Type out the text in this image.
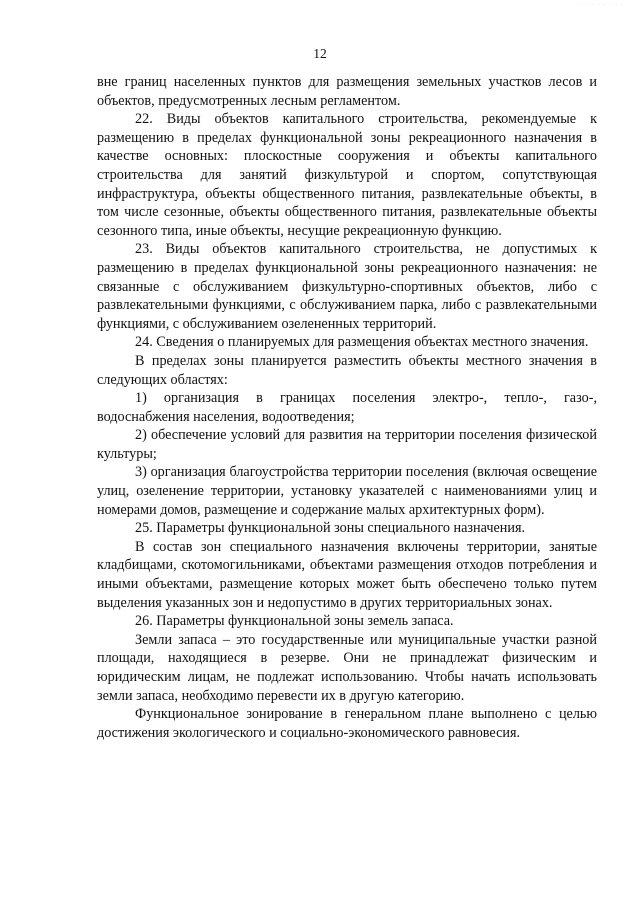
· · · · · · · ·
12

вне границ населенных пунктов для размещения земельных участков лесов и объектов, предусмотренных лесным регламентом.

22. Виды объектов капитального строительства, рекомендуемые к размещению в пределах функциональной зоны рекреационного назначения в качестве основных: плоскостные сооружения и объекты капитального строительства для занятий физкультурой и спортом, сопутствующая инфраструктура, объекты общественного питания, развлекательные объекты, в том числе сезонные, объекты общественного питания, развлекательные объекты сезонного типа, иные объекты, несущие рекреационную функцию.

23. Виды объектов капитального строительства, не допустимых к размещению в пределах функциональной зоны рекреационного назначения: не связанные с обслуживанием физкультурно-спортивных объектов, либо с развлекательными функциями, с обслуживанием парка, либо с развлекательными функциями, с обслуживанием озелененных территорий.

24. Сведения о планируемых для размещения объектах местного значения.

В пределах зоны планируется разместить объекты местного значения в следующих областях:

1) организация в границах поселения электро-, тепло-, газо-, водоснабжения населения, водоотведения;

2) обеспечение условий для развития на территории поселения физической культуры;

3) организация благоустройства территории поселения (включая освещение улиц, озеленение территории, установку указателей с наименованиями улиц и номерами домов, размещение и содержание малых архитектурных форм).

25. Параметры функциональной зоны специального назначения.

В состав зон специального назначения включены территории, занятые кладбищами, скотомогильниками, объектами размещения отходов потребления и иными объектами, размещение которых может быть обеспечено только путем выделения указанных зон и недопустимо в других территориальных зонах.

26. Параметры функциональной зоны земель запаса.

Земли запаса – это государственные или муниципальные участки разной площади, находящиеся в резерве. Они не принадлежат физическим и юридическим лицам, не подлежат использованию. Чтобы начать использовать земли запаса, необходимо перевести их в другую категорию.

Функциональное зонирование в генеральном плане выполнено с целью достижения экологического и социально-экономического равновесия.
